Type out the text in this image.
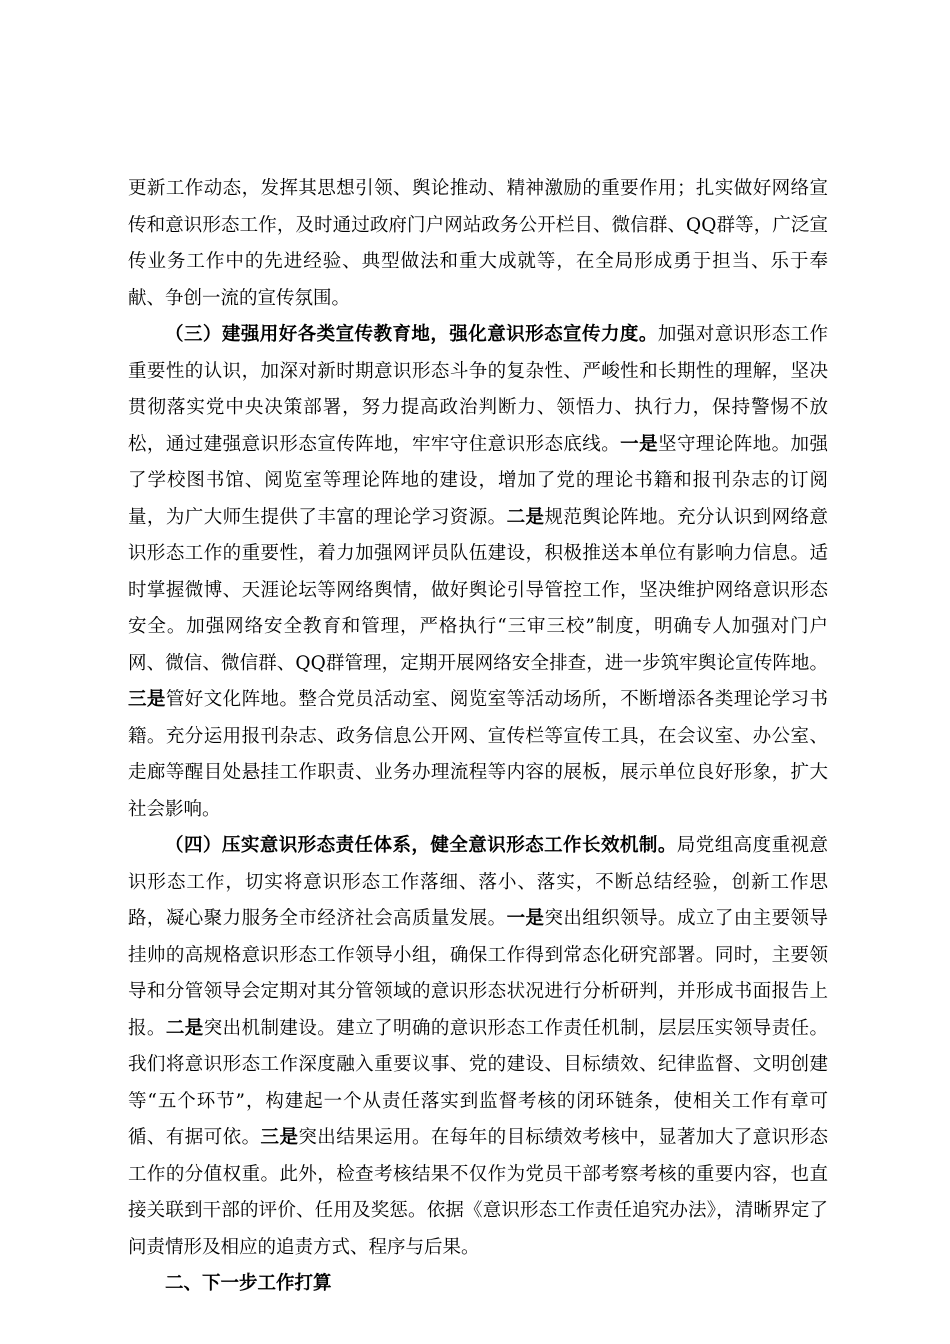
更新工作动态，发挥其思想引领、舆论推动、精神激励的重要作用；扎实做好网络宣传和意识形态工作，及时通过政府门户网站政务公开栏目、微信群、QQ群等，广泛宣传业务工作中的先进经验、典型做法和重大成就等，在全局形成勇于担当、乐于奉献、争创一流的宣传氛围。

（三）建强用好各类宣传教育地，强化意识形态宣传力度。加强对意识形态工作重要性的认识，加深对新时期意识形态斗争的复杂性、严峻性和长期性的理解，坚决贯彻落实党中央决策部署，努力提高政治判断力、领悟力、执行力，保持警惕不放松，通过建强意识形态宣传阵地，牢牢守住意识形态底线。一是坚守理论阵地。加强了学校图书馆、阅览室等理论阵地的建设，增加了党的理论书籍和报刊杂志的订阅量，为广大师生提供了丰富的理论学习资源。二是规范舆论阵地。充分认识到网络意识形态工作的重要性，着力加强网评员队伍建设，积极推送本单位有影响力信息。适时掌握微博、天涯论坛等网络舆情，做好舆论引导管控工作，坚决维护网络意识形态安全。加强网络安全教育和管理，严格执行“三审三校”制度，明确专人加强对门户网、微信、微信群、QQ群管理，定期开展网络安全排查，进一步筑牢舆论宣传阵地。三是管好文化阵地。整合党员活动室、阅览室等活动场所，不断增添各类理论学习书籍。充分运用报刊杂志、政务信息公开网、宣传栏等宣传工具，在会议室、办公室、走廊等醒目处悬挂工作职责、业务办理流程等内容的展板，展示单位良好形象，扩大社会影响。

（四）压实意识形态责任体系，健全意识形态工作长效机制。局党组高度重视意识形态工作，切实将意识形态工作落细、落小、落实，不断总结经验，创新工作思路，凝心聚力服务全市经济社会高质量发展。一是突出组织领导。成立了由主要领导挂帅的高规格意识形态工作领导小组，确保工作得到常态化研究部署。同时，主要领导和分管领导会定期对其分管领域的意识形态状况进行分析研判，并形成书面报告上报。二是突出机制建设。建立了明确的意识形态工作责任机制，层层压实领导责任。我们将意识形态工作深度融入重要议事、党的建设、目标绩效、纪律监督、文明创建等“五个环节”，构建起一个从责任落实到监督考核的闭环链条，使相关工作有章可循、有据可依。三是突出结果运用。在每年的目标绩效考核中，显著加大了意识形态工作的分值权重。此外，检查考核结果不仅作为党员干部考察考核的重要内容，也直接关联到干部的评价、任用及奖惩。依据《意识形态工作责任追究办法》，清晰界定了问责情形及相应的追责方式、程序与后果。

二、下一步工作打算
